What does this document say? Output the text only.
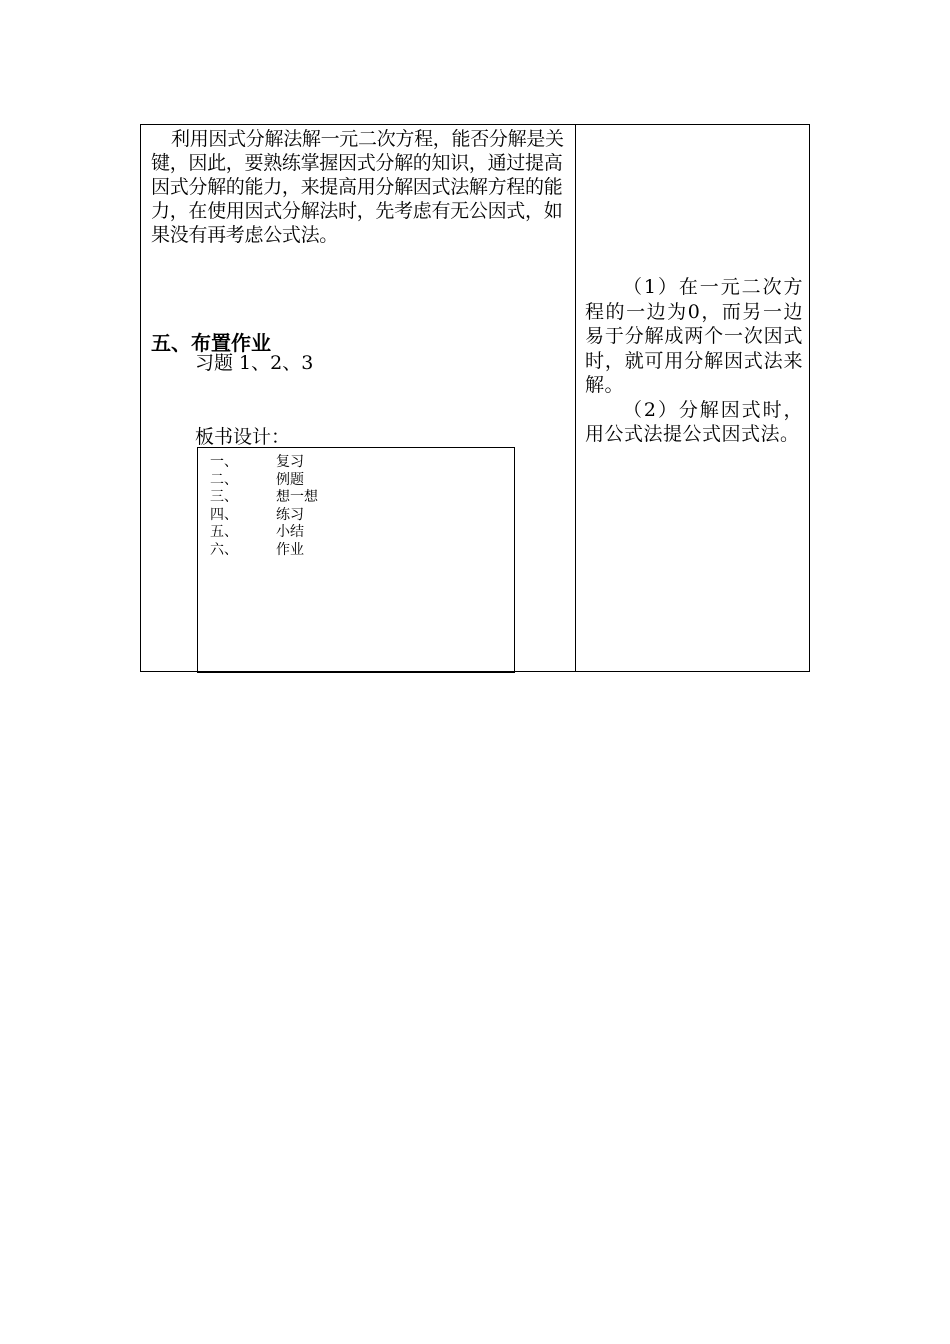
利用因式分解法解一元二次方程，能否分解是关键，因此，要熟练掌握因式分解的知识，通过提高因式分解的能力，来提高用分解因式法解方程的能力，在使用因式分解法时，先考虑有无公因式，如果没有再考虑公式法。

五、布置作业

习题 1、2、3

板书设计：

一、	复习
二、	例题
三、	想一想
四、	练习
五、	小结
六、	作业

（1）在一元二次方程的一边为0，而另一边易于分解成两个一次因式时，就可用分解因式法来解。

（2）分解因式时，用公式法提公式因式法。
